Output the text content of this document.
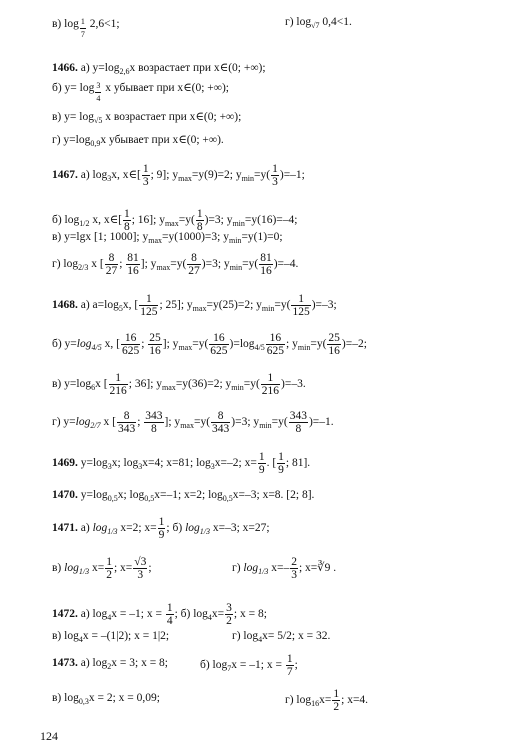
в) $\log \frac{1}{7} 2,6<1$;	г) $\log_{√7} 0,4<1$.
1466. а) $y=\log_{2,6}x$ возрастает при x∈(0; +∞);
б) $y= \log \frac{3}{4}$ x убывает при x∈(0; +∞);
в) $y= \log_{√5} x$ возрастает при x∈(0; +∞);
г) $y=\log_{0,9}x$ убывает при x∈(0; +∞).
1467. а) $\log_3x$, x∈[ $\frac{1}{3}$ ; 9]; $y_{max}=y(9)=2$; $y_{min}=y( \frac{1}{3} )=-1$;
б) $\log_{1/2} x$, x∈[ $\frac{1}{8}$ ; 16]; $y_{max}=y( \frac{1}{8} )=3$; $y_{min}=y(16)=-4$;
в) y=lgx [1; 1000]; $y_{max}=y(1000)=3$; $y_{min}=y(1)=0$;
г) $\log_{2/3} x$ [ $\frac{8}{27}$ ; $\frac{81}{16}$ ]; $y_{max}=y( \frac{8}{27} )=3$; $y_{min}=y( \frac{81}{16} )=-4$.
1468. а) $a=\log_5x$, [ $\frac{1}{125}$ ; 25]; $y_{max}=y(25)=2$; $y_{min}=y( \frac{1}{125} )=-3$;
б) $y=\log_{4/5}$ x, [ $\frac{16}{625}$ ; $\frac{25}{16}$ ]; $y_{max}=y( \frac{16}{625} )=\log_{4/5} \frac{16}{625}$ ; $y_{min}=y( \frac{25}{16} )=-2$;
в) $y=\log_6x$ [ $\frac{1}{216}$ ; 36]; $y_{max}=y(36)=2$; $y_{min}=y( \frac{1}{216} )=-3$.
г) $y=\log_{2/7}$ x [ $\frac{8}{343}$ ; $\frac{343}{8}$ ]; $y_{max}=y( \frac{8}{343} )=3$; $y_{min}=y( \frac{343}{8} )=-1$.
1469. $y=\log_3x$; $\log_3x=4$; x=81; $\log_3x=-2$; $x= \frac{1}{9}$ . [ $\frac{1}{9}$ ; 81].
1470. $y=\log_{0,5}x$; $\log_{0,5}x=-1$; x=2; $\log_{0,5}x=-3$; x=8. [2; 8].
1471. а) $\log_{1/3} x=2$; $x= \frac{1}{9}$ ; б) $\log_{1/3} x=-3$; x=27;
в) $\log_{1/3} x= \frac{1}{2}$ ; $x= \frac{√3}{3}$ ;	г) $\log_{1/3} x=- \frac{2}{3}$ ; x=∛9 .
1472. а) $\log_4x = -1$; $x = \frac{1}{4}$ ; б) $\log_4x= \frac{3}{2}$ ; x = 8;
в) $\log_4x = -(1|2)$; x = 1|2;	г) $\log_4x= 5/2$; x = 32.
1473. а) $\log_2x = 3$; x = 8;	б) $\log_7x = -1$; $x = \frac{1}{7}$ ;
в) $\log_{0,3}x = 2$; x = 0,09;	г) $\log_{16}x= \frac{1}{2}$ ; x=4.
124
